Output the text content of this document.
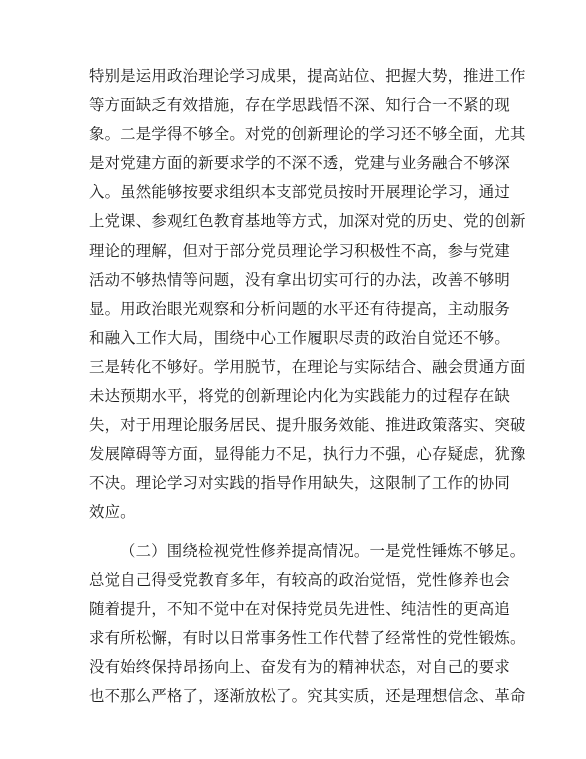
特别是运用政治理论学习成果，提高站位、把握大势，推进工作
等方面缺乏有效措施，存在学思践悟不深、知行合一不紧的现
象。二是学得不够全。对党的创新理论的学习还不够全面，尤其
是对党建方面的新要求学的不深不透，党建与业务融合不够深
入。虽然能够按要求组织本支部党员按时开展理论学习，通过
上党课、参观红色教育基地等方式，加深对党的历史、党的创新
理论的理解，但对于部分党员理论学习积极性不高，参与党建
活动不够热情等问题，没有拿出切实可行的办法，改善不够明
显。用政治眼光观察和分析问题的水平还有待提高，主动服务
和融入工作大局，围绕中心工作履职尽责的政治自觉还不够。
三是转化不够好。学用脱节，在理论与实际结合、融会贯通方面
未达预期水平，将党的创新理论内化为实践能力的过程存在缺
失，对于用理论服务居民、提升服务效能、推进政策落实、突破
发展障碍等方面，显得能力不足，执行力不强，心存疑虑，犹豫
不决。理论学习对实践的指导作用缺失，这限制了工作的协同
效应。
（二）围绕检视党性修养提高情况。一是党性锤炼不够足。
总觉自己得受党教育多年，有较高的政治觉悟，党性修养也会
随着提升，不知不觉中在对保持党员先进性、纯洁性的更高追
求有所松懈，有时以日常事务性工作代替了经常性的党性锻炼。
没有始终保持昂扬向上、奋发有为的精神状态，对自己的要求
也不那么严格了，逐渐放松了。究其实质，还是理想信念、革命
